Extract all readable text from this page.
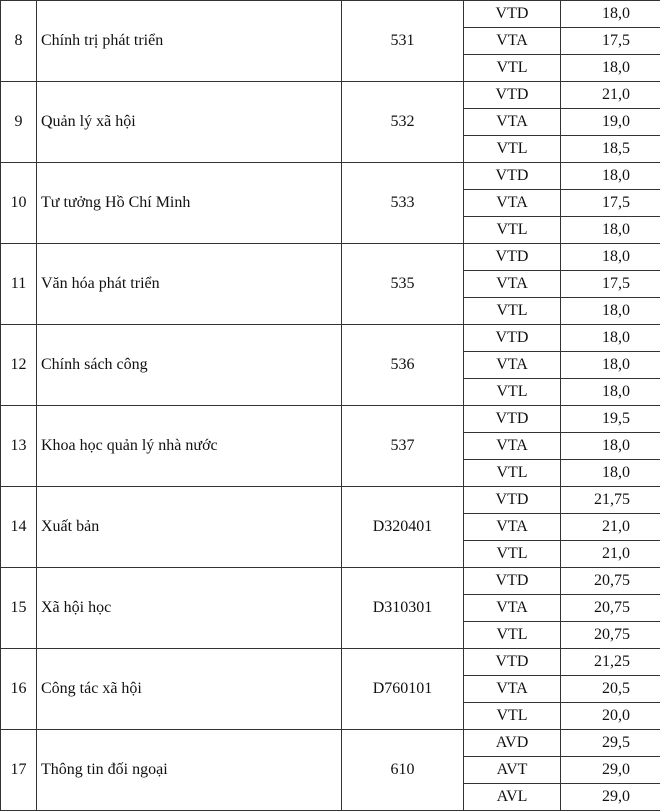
8	Chính trị phát triển	531	VTD	18,0
			VTA	17,5
			VTL	18,0
9	Quản lý xã hội	532	VTD	21,0
			VTA	19,0
			VTL	18,5
10	Tư tưởng Hồ Chí Minh	533	VTD	18,0
			VTA	17,5
			VTL	18,0
11	Văn hóa phát triển	535	VTD	18,0
			VTA	17,5
			VTL	18,0
12	Chính sách công	536	VTD	18,0
			VTA	18,0
			VTL	18,0
13	Khoa học quản lý nhà nước	537	VTD	19,5
			VTA	18,0
			VTL	18,0
14	Xuất bản	D320401	VTD	21,75
			VTA	21,0
			VTL	21,0
15	Xã hội học	D310301	VTD	20,75
			VTA	20,75
			VTL	20,75
16	Công tác xã hội	D760101	VTD	21,25
			VTA	20,5
			VTL	20,0
17	Thông tin đối ngoại	610	AVD	29,5
			AVT	29,0
			AVL	29,0
